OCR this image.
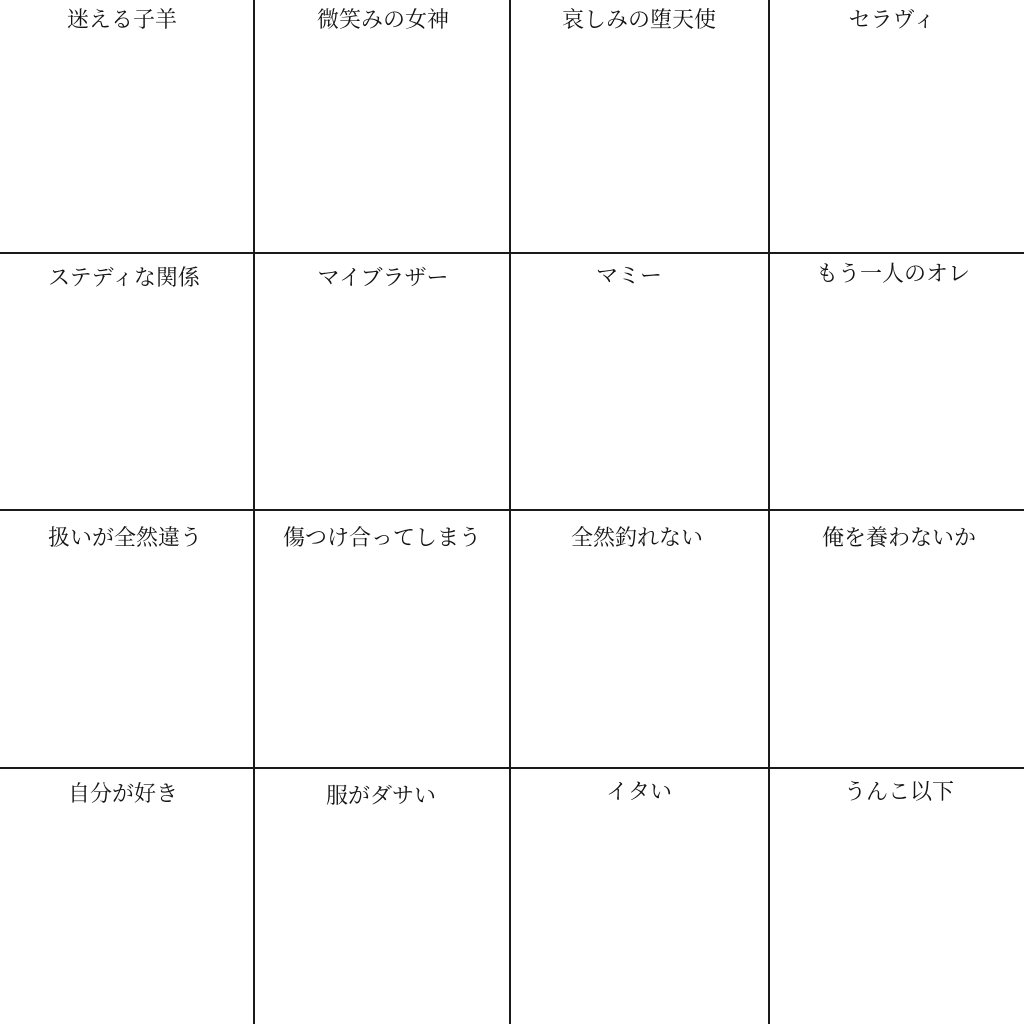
迷える子羊	微笑みの女神	哀しみの堕天使	セラヴィ
ステディな関係	マイブラザー	マミー	もう一人のオレ
扱いが全然違う	傷つけ合ってしまう	全然釣れない	俺を養わないか
自分が好き	服がダサい	イタい	うんこ以下
